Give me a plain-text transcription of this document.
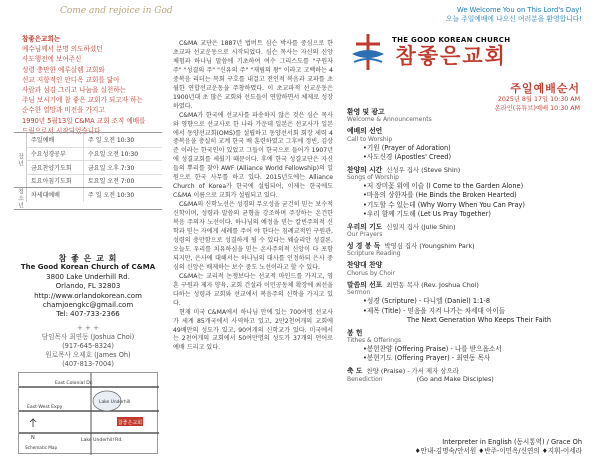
Come and rejoice in God
참좋은교회는
예수님께서 분명 의도하셨던
사도행전에 보여주신
성령 충만한 예루살렘 교회와
선교 지향적인 안디옥 교회를 닮아
사람과 섬김 그리고 나눔을 실천하는
주님 보시기에 참 좋은 교회가 되고자 하는
순수한 열망과 비전을 가지고
1990년 5월13일 C&MA 교회 조직 예배를
드림으로서 시작되었습니다
장년
주일예배	주 일 오전 10:30
수요성경공부	수요일 오전 10:30
금요찬양기도회	금요일 오후 7:30
토요아침기도회	토요일 오전 7:00
청소년	차세대예배	주 일 오전 10:30
참 좋 은 교 회
The Good Korean Church of C&MA
3800 Lake Underhill Rd.
Orlando, FL 32803
http://www.orlandokorean.com
chamjoengkc@gmail.com
Tel: 407-733-2366
+ + +
담임목사 최연동 (Joshua Choi)
(917-645-8324)
원로목사 오제호 (James Oh)
(407-813-7004)
참좋은교회
East Colonial Dr.
Lake Underhill
East-West Expy
Lake Underhill Rd.
Schematic Map
N

C&MA 교단은 1887년 법버트 심슨 박사를 중심으로 한 초교파 선교운동으로 시작되었다. 심슨 목사는 자신의 신앙체험과 하나님 말씀에 기초하여 여수 그리스도를 "구원자 주" "성결의 주" "신유의 주" "재림의 왕" 이라고 고백하는 4중복음 리더는 목회 구호를 내걸고 전인적 복음과 교파를 초월한 연합선교운동을 주창하였다. 이 초교파적 선교운동은 1900년대 초 많은 교회와 선도들이 연합하면서 체제로 성장하였다.

C&MA가 한국에 선교사를 파송하지 않은 것은 심슨 목사와 영향으로 선교사로 한 나라 가운데 일본은 선교사가 일본에서 동양선교회(OMS)를 설립하고 동양선서회 회장 세력 4중복음을 충실히 교계 한국 배 훈련하였고 그후에 정빈, 김상준 이라는 한국인이 있었고 그들이 한국으로 들어가 1907년에 성결교회를 세웠기 때문이다. 후에 한국 성결교단은 자신들의 뿌리를 찾아 AWF (Alliance World Fellowship)의 일원으로 한국 사무를 하고 있다. 2015년도에는 Alliance Church of Korea가 한국에 설립되어, 이제는 한국에도 C&MA 이름으로 교회가 설립되고 있다.

C&MA의 신학노선은 성경의 무오성을 굳건히 믿는 보수적 신학이며, 성령과 말씀의 균형을 강조하며 주장하는 온건한 복음 주의자 노선이다. 하나님의 예정을 믿는 칼빈주의적 신학과 믿는 자에게 세례를 주어 야 한다는 침례교적인 구원관, 성령의 충만함으로 성결하게 될 수 있다는 웨슬리안 성결론, 오늘도 우리를 치유하심을 믿는 온사주의적 신앙이 다 포함되지만, 은사에 대해서는 하나님의 대사를 인정하되 은사 중심의 신앙은 배제하는 보수 중도 노선이라고 할 수 있다.

C&MA는 교리적 논쟁보다는 선교적 마인드를 가지고, 영혼 구원과 제자 양육, 교회 건설과 이민공동체 확장에 최선을 다하는 성령과 교회와 선교에서 복음주의 신학을 가지고 있다.

현재 미국 C&MA에서 하나님 안에 있는 700여명 선교사가 세계 85개국에서 사역하고 있고, 2만2천여개의 교회에 49배만의 성도가 있고, 90여개의 신학교가 있다. 미국에서는 2천여개의 교회에서 50여만명의 성도가 37개의 언어로 예배 드리고 있다.

We Welcome You on This Lord's Day!
오늘 주일예배에 나오신 여러분을 환영합니다!
THE GOOD KOREAN CHURCH
참좋은교회
주일예배순서
2025년 8월 17일 10:30 AM
온라인(유튜브)예배 10:30 AM
환영 및 광고
Welcome & Announcements
예배의 선언
Call to Worship
•기원 (Prayer of Adoration)
•사도신경 (Apostles' Creed)
찬양의 시간 신성우 집사 (Steve Shin)
Songs of Worship
•저 장미꽃 위에 이슬 (I Come to the Garden Alone)
•마음의 상한자를 (He Binds the Broken Hearted)
•기도할 수 있는데 (Why Worry When You Can Pray)
•우리 함께 기도해 (Let Us Pray Together)
우리의 기도 신일지 집사 (Julie Shin)
Our Prayers
성 경 봉 독 박영심 집사 (Youngshim Park)
Scripture Reading
찬양대 찬양
Chorus by Choir
말씀의 선포 최연동 목사 (Rev. Joshua Choi)
Sermon
•성경 (Scripture) - 다니엘 (Daniel) 1:1-8
•제목 (Title) - 믿음을 지켜 나가는 차세대 아이들
The Next Generation Who Keeps Their Faith
봉 헌
Tithes & Offerings
•봉헌찬양 (Offering Praise) - 나를 받으옵소서
•봉헌기도 (Offering Prayer) - 최연동 목사
축 도 찬양 (Praise) - 가서 제자 삼으라
Benediction	(Go and Make Disciples)
Interpreter in English (동시통역) / Grace Oh
♦안내-김명숙/안서원 ♦반주-이민옥/신연의 ♦지휘-이세라
